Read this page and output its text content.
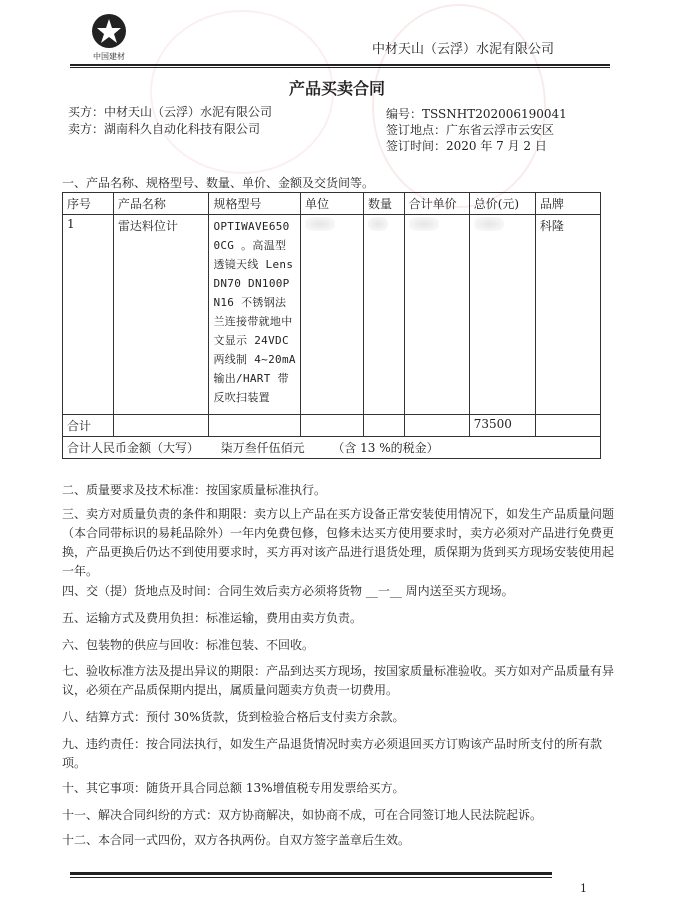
中国建材	中材天山（云浮）水泥有限公司
产品买卖合同
买方：中材天山（云浮）水泥有限公司
卖方：湖南科久自动化科技有限公司
编号：TSSNHT202006190041
签订地点：广东省云浮市云安区
签订时间：2020 年 7 月 2 日
一、产品名称、规格型号、数量、单价、金额及交货间等。
序号	产品名称	规格型号	单位	数量	合计单价	总价(元)	品牌
1	雷达料位计	OPTIWAVE6500CG 。高温型透镜天线 Lens DN70 DN100PN16 不锈钢法兰连接带就地中文显示 24VDC 两线制 4~20mA 输出/HART 带反吹扫装置					科隆
合计						73500	
合计人民币金额（大写） 柒万叁仟伍佰元 （含 13 %的税金）							
二、质量要求及技术标准：按国家质量标准执行。
三、卖方对质量负责的条件和期限：卖方以上产品在买方设备正常安装使用情况下，如发生产品质量问题（本合同带标识的易耗品除外）一年内免费包修，包修未达买方使用要求时，卖方必须对产品进行免费更换，产品更换后仍达不到使用要求时，买方再对该产品进行退货处理，质保期为货到买方现场安装使用起一年。
四、交（提）货地点及时间：合同生效后卖方必须将货物 __一__ 周内送至买方现场。
五、运输方式及费用负担：标准运输，费用由卖方负责。
六、包装物的供应与回收：标准包装、不回收。
七、验收标准方法及提出异议的期限：产品到达买方现场，按国家质量标准验收。买方如对产品质量有异议，必须在产品质保期内提出，属质量问题卖方负责一切费用。
八、结算方式：预付 30%货款，货到检验合格后支付卖方余款。
九、违约责任：按合同法执行，如发生产品退货情况时卖方必须退回买方订购该产品时所支付的所有款项。
十、其它事项：随货开具合同总额 13%增值税专用发票给买方。
十一、解决合同纠纷的方式：双方协商解决，如协商不成，可在合同签订地人民法院起诉。
十二、本合同一式四份，双方各执两份。自双方签字盖章后生效。
1
